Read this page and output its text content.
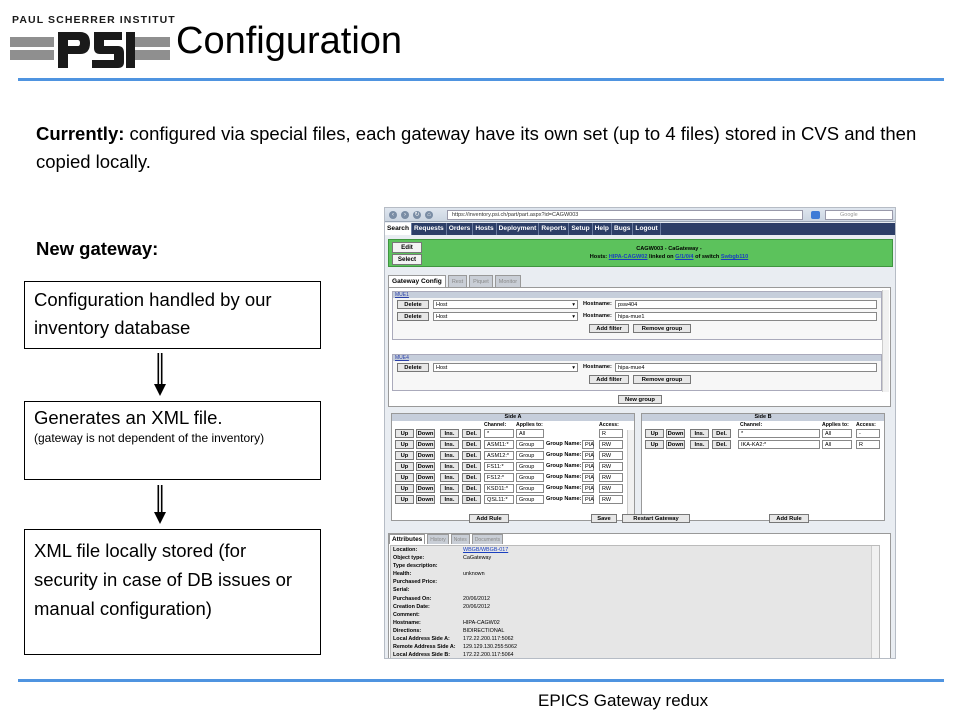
PAUL SCHERRER INSTITUT Configuration
Currently: configured via special files, each gateway have its own set (up to 4 files) stored in CVS and then copied locally.
New gateway:
Configuration handled by our inventory database
Generates an XML file.
(gateway is not dependent of the inventory)
XML file locally stored (for security in case of DB issues or manual configuration)
‹	›	↻	⌂	https://inventory.psi.ch/part/part.aspx?id=CAGW003	Google
Search Requests Orders Hosts Deployment Reports Setup Help Bugs Logout
Edit
Select
CAGW003 - CaGateway -
Hosts: HIPA-CAGW02 linked on G/1/0/4 of switch Swbgb110
Gateway Config	Rest	Piquet	Monitor
MUE1
Delete	Host	▾ Hostname:	psw404
Delete	Host	▾ Hostname:	hipa-mue1
Add filter	Remove group
MUE4
Delete	Host	▾ Hostname:	hipa-mue4
Add filter	Remove group
New group
Side A
Channel: Applies to:	Access:
Up	Down	Ins.	Del.	*	All	R
Up	Down	Ins.	Del.	ASM11:*	Group	Group Name: PIA	RW
Up	Down	Ins.	Del.	ASM12:*	Group	Group Name: PIA	RW
Up	Down	Ins.	Del.	FS11:*	Group	Group Name: PIA	RW
Up	Down	Ins.	Del.	FS12:*	Group	Group Name: PIA	RW
Up	Down	Ins.	Del.	KSD11:*	Group	Group Name: PIA	RW
Up	Down	Ins.	Del.	QSL11:*	Group	Group Name: PIA	RW
Side B
Channel:	Applies to: Access:
Up	Down	Ins.	Del.	*	All	-
Up	Down	Ins.	Del.	IKA-KA2:*	All	R
Add Rule	Save	Restart Gateway	Add Rule
Attributes	History	Notes	Documents
Location:	WBGB/WBGB-017
Object type:	CaGateway
Type description:
Health:	unknown
Purchased Price:
Serial:
Purchased On:	20/06/2012
Creation Date:	20/06/2012
Comment:
Hostname:	HIPA-CAGW02
Directions:	BIDIRECTIONAL
Local Address Side A: 172.22.200.117:5062
Remote Address Side A: 129.129.130.255:5062
Local Address Side B: 172.22.200.117:5064
EPICS Gateway redux
